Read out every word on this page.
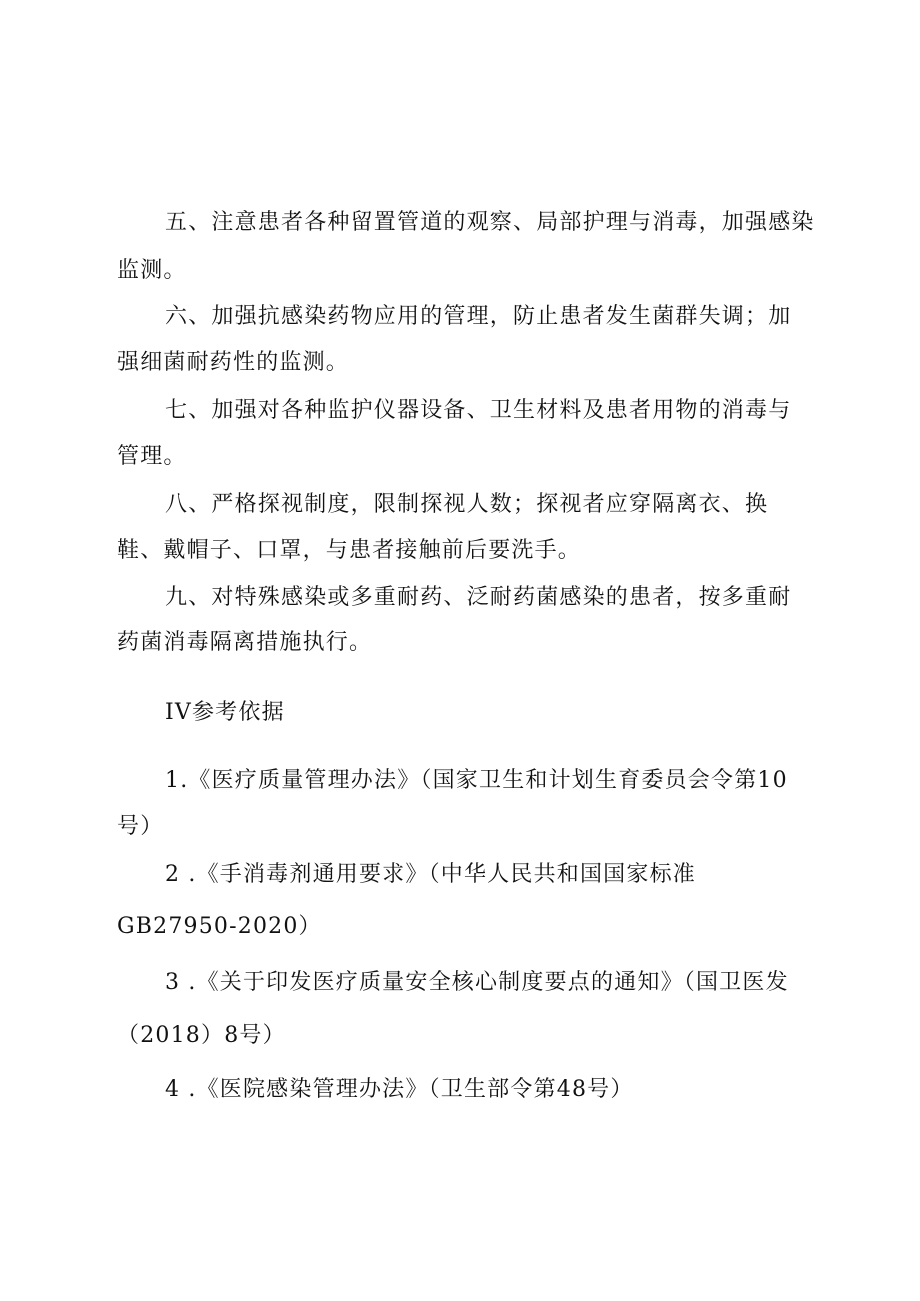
五、注意患者各种留置管道的观察、局部护理与消毒，加强感染
监测。
六、加强抗感染药物应用的管理，防止患者发生菌群失调；加
强细菌耐药性的监测。
七、加强对各种监护仪器设备、卫生材料及患者用物的消毒与
管理。
八、严格探视制度，限制探视人数；探视者应穿隔离衣、换
鞋、戴帽子、口罩，与患者接触前后要洗手。
九、对特殊感染或多重耐药、泛耐药菌感染的患者，按多重耐
药菌消毒隔离措施执行。
IV参考依据
1.《医疗质量管理办法》（国家卫生和计划生育委员会令第10
号）
2 .《手消毒剂通用要求》（中华人民共和国国家标准
GB27950-2020）
3 .《关于印发医疗质量安全核心制度要点的通知》（国卫医发
（2018）8号）
4 .《医院感染管理办法》（卫生部令第48号）
